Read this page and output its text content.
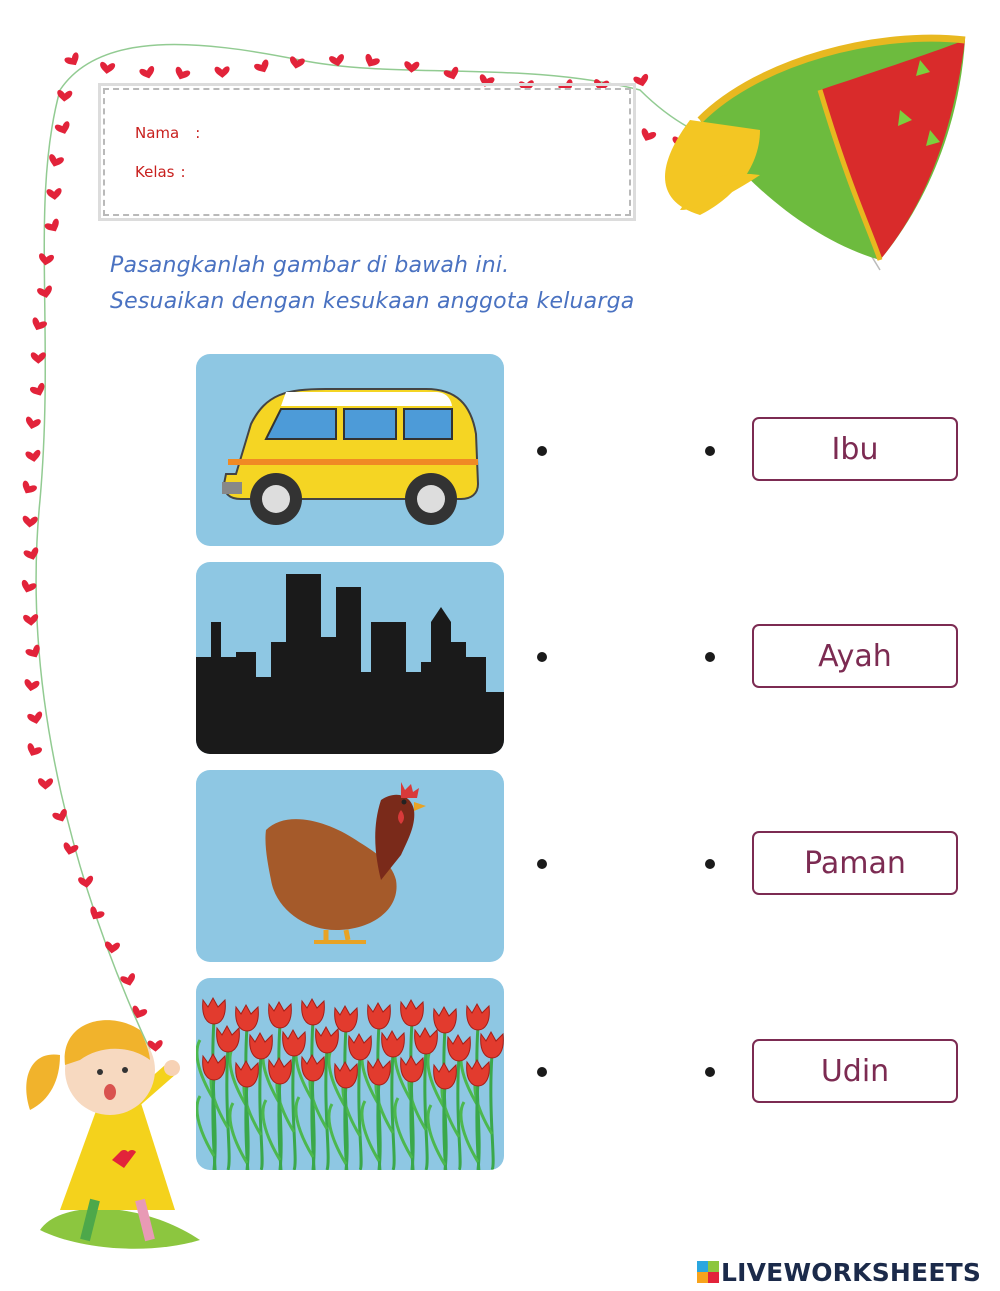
Nama :
Kelas :
Pasangkanlah gambar di bawah ini.
Sesuaikan dengan kesukaan anggota keluarga
Ibu
Ayah
Paman
Udin
LIVEWORKSHEETS
